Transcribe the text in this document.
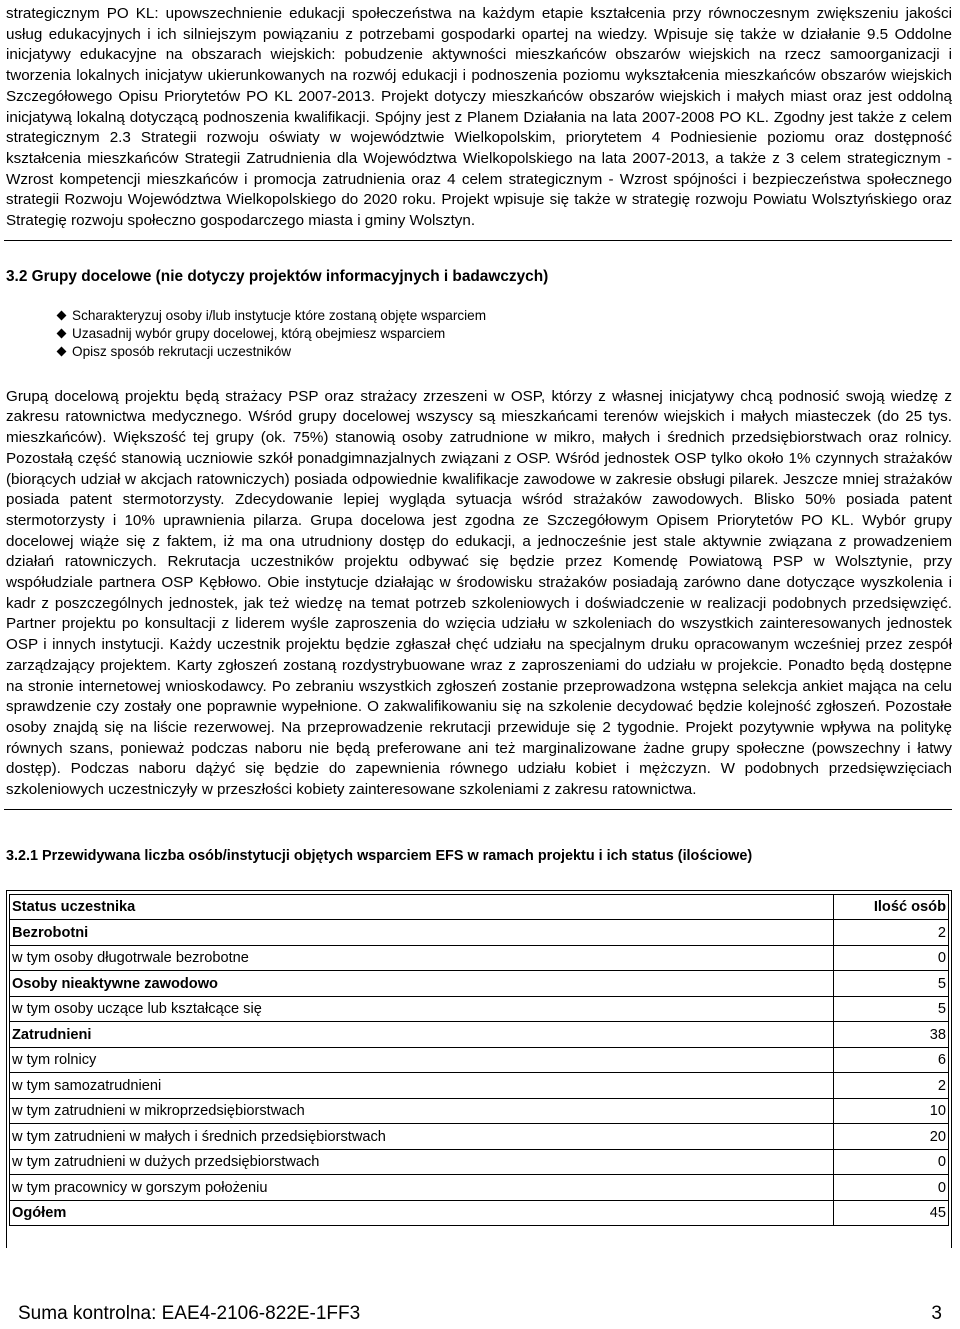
strategicznym PO KL: upowszechnienie edukacji społeczeństwa na każdym etapie kształcenia przy równoczesnym zwiększeniu jakości usług edukacyjnych i ich silniejszym powiązaniu z potrzebami gospodarki opartej na wiedzy. Wpisuje się także w działanie 9.5 Oddolne inicjatywy edukacyjne na obszarach wiejskich: pobudzenie aktywności mieszkańców obszarów wiejskich na rzecz samoorganizacji i tworzenia lokalnych inicjatyw ukierunkowanych na rozwój edukacji i podnoszenia poziomu wykształcenia mieszkańców obszarów wiejskich Szczegółowego Opisu Priorytetów PO KL 2007-2013. Projekt dotyczy mieszkańców obszarów wiejskich i małych miast oraz jest oddolną inicjatywą lokalną dotyczącą podnoszenia kwalifikacji. Spójny jest z Planem Działania na lata 2007-2008 PO KL. Zgodny jest także z celem strategicznym 2.3 Strategii rozwoju oświaty w województwie Wielkopolskim, priorytetem 4 Podniesienie poziomu oraz dostępność kształcenia mieszkańców Strategii Zatrudnienia dla Województwa Wielkopolskiego na lata 2007-2013, a także z 3 celem strategicznym - Wzrost kompetencji mieszkańców i promocja zatrudnienia oraz 4 celem strategicznym - Wzrost spójności i bezpieczeństwa społecznego strategii Rozwoju Województwa Wielkopolskiego do 2020 roku. Projekt wpisuje się także w strategię rozwoju Powiatu Wolsztyńskiego oraz Strategię rozwoju społeczno gospodarczego miasta i gminy Wolsztyn.

3.2 Grupy docelowe (nie dotyczy projektów informacyjnych i badawczych)
Scharakteryzuj osoby i/lub instytucje które zostaną objęte wsparciem
Uzasadnij wybór grupy docelowej, którą obejmiesz wsparciem
Opisz sposób rekrutacji uczestników

Grupą docelową projektu będą strażacy PSP oraz strażacy zrzeszeni w OSP, którzy z własnej inicjatywy chcą podnosić swoją wiedzę z zakresu ratownictwa medycznego. Wśród grupy docelowej wszyscy są mieszkańcami terenów wiejskich i małych miasteczek (do 25 tys. mieszkańców). Większość tej grupy (ok. 75%) stanowią osoby zatrudnione w mikro, małych i średnich przedsiębiorstwach oraz rolnicy. Pozostałą część stanowią uczniowie szkół ponadgimnazjalnych związani z OSP. Wśród jednostek OSP tylko około 1% czynnych strażaków (biorących udział w akcjach ratowniczych) posiada odpowiednie kwalifikacje zawodowe w zakresie obsługi pilarek. Jeszcze mniej strażaków posiada patent stermotorzysty. Zdecydowanie lepiej wygląda sytuacja wśród strażaków zawodowych. Blisko 50% posiada patent stermotorzysty i 10% uprawnienia pilarza. Grupa docelowa jest zgodna ze Szczegółowym Opisem Priorytetów PO KL. Wybór grupy docelowej wiąże się z faktem, iż ma ona utrudniony dostęp do edukacji, a jednocześnie jest stale aktywnie związana z prowadzeniem działań ratowniczych. Rekrutacja uczestników projektu odbywać się będzie przez Komendę Powiatową PSP w Wolsztynie, przy współudziale partnera OSP Kębłowo. Obie instytucje działając w środowisku strażaków posiadają zarówno dane dotyczące wyszkolenia i kadr z poszczególnych jednostek, jak też wiedzę na temat potrzeb szkoleniowych i doświadczenie w realizacji podobnych przedsięwzięć. Partner projektu po konsultacji z liderem wyśle zaproszenia do wzięcia udziału w szkoleniach do wszystkich zainteresowanych jednostek OSP i innych instytucji. Każdy uczestnik projektu będzie zgłaszał chęć udziału na specjalnym druku opracowanym wcześniej przez zespół zarządzający projektem. Karty zgłoszeń zostaną rozdystrybuowane wraz z zaproszeniami do udziału w projekcie. Ponadto będą dostępne na stronie internetowej wnioskodawcy. Po zebraniu wszystkich zgłoszeń zostanie przeprowadzona wstępna selekcja ankiet mająca na celu sprawdzenie czy zostały one poprawnie wypełnione. O zakwalifikowaniu się na szkolenie decydować będzie kolejność zgłoszeń. Pozostałe osoby znajdą się na liście rezerwowej. Na przeprowadzenie rekrutacji przewiduje się 2 tygodnie. Projekt pozytywnie wpływa na politykę równych szans, ponieważ podczas naboru nie będą preferowane ani też marginalizowane żadne grupy społeczne (powszechny i łatwy dostęp). Podczas naboru dążyć się będzie do zapewnienia równego udziału kobiet i mężczyzn. W podobnych przedsięwzięciach szkoleniowych uczestniczyły w przeszłości kobiety zainteresowane szkoleniami z zakresu ratownictwa.

3.2.1 Przewidywana liczba osób/instytucji objętych wsparciem EFS w ramach projektu i ich status (ilościowe)
Status uczestnika	Ilość osób
Bezrobotni	2
w tym osoby długotrwale bezrobotne	0
Osoby nieaktywne zawodowo	5
w tym osoby uczące lub kształcące się	5
Zatrudnieni	38
w tym rolnicy	6
w tym samozatrudnieni	2
w tym zatrudnieni w mikroprzedsiębiorstwach	10
w tym zatrudnieni w małych i średnich przedsiębiorstwach	20
w tym zatrudnieni w dużych przedsiębiorstwach	0
w tym pracownicy w gorszym położeniu	0
Ogółem	45
Suma kontrolna: EAE4-2106-822E-1FF3	3
